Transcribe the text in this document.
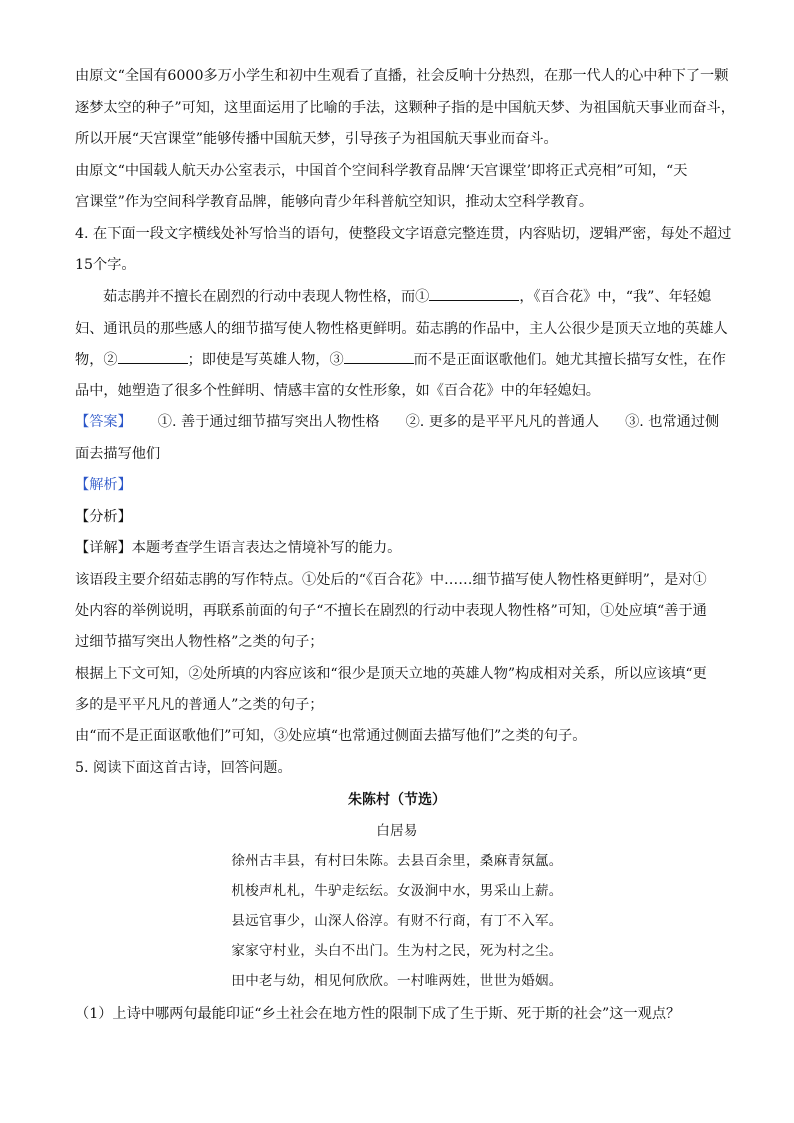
由原文“全国有6000多万小学生和初中生观看了直播，社会反响十分热烈，在那一代人的心中种下了一颗
逐梦太空的种子”可知，这里面运用了比喻的手法，这颗种子指的是中国航天梦、为祖国航天事业而奋斗，
所以开展“天宫课堂”能够传播中国航天梦，引导孩子为祖国航天事业而奋斗。
由原文“中国载人航天办公室表示，中国首个空间科学教育品牌‘天宫课堂’即将正式亮相”可知，“天
宫课堂”作为空间科学教育品牌，能够向青少年科普航空知识，推动太空科学教育。
4. 在下面一段文字横线处补写恰当的语句，使整段文字语意完整连贯，内容贴切，逻辑严密，每处不超过
15个字。
茹志鹃并不擅长在剧烈的行动中表现人物性格，而①	，《百合花》中，“我”、年轻媳
妇、通讯员的那些感人的细节描写使人物性格更鲜明。茹志鹃的作品中，主人公很少是顶天立地的英雄人
物，②	；即使是写英雄人物，③	而不是正面讴歌他们。她尤其擅长描写女性，在作
品中，她塑造了很多个性鲜明、情感丰富的女性形象，如《百合花》中的年轻媳妇。
【答案】 ①. 善于通过细节描写突出人物性格 ②. 更多的是平平凡凡的普通人 ③. 也常通过侧
面去描写他们
【解析】
【分析】
【详解】本题考查学生语言表达之情境补写的能力。
该语段主要介绍茹志鹃的写作特点。①处后的“《百合花》中……细节描写使人物性格更鲜明”，是对①
处内容的举例说明，再联系前面的句子“不擅长在剧烈的行动中表现人物性格”可知，①处应填“善于通
过细节描写突出人物性格”之类的句子；
根据上下文可知，②处所填的内容应该和“很少是顶天立地的英雄人物”构成相对关系，所以应该填“更
多的是平平凡凡的普通人”之类的句子；
由“而不是正面讴歌他们”可知，③处应填“也常通过侧面去描写他们”之类的句子。
5. 阅读下面这首古诗，回答问题。
朱陈村（节选）
白居易
徐州古丰县，有村曰朱陈。去县百余里，桑麻青氛氲。
机梭声札札，牛驴走纭纭。女汲涧中水，男采山上薪。
县远官事少，山深人俗淳。有财不行商，有丁不入军。
家家守村业，头白不出门。生为村之民，死为村之尘。
田中老与幼，相见何欣欣。一村唯两姓，世世为婚姻。
（1）上诗中哪两句最能印证“乡土社会在地方性的限制下成了生于斯、死于斯的社会”这一观点？
